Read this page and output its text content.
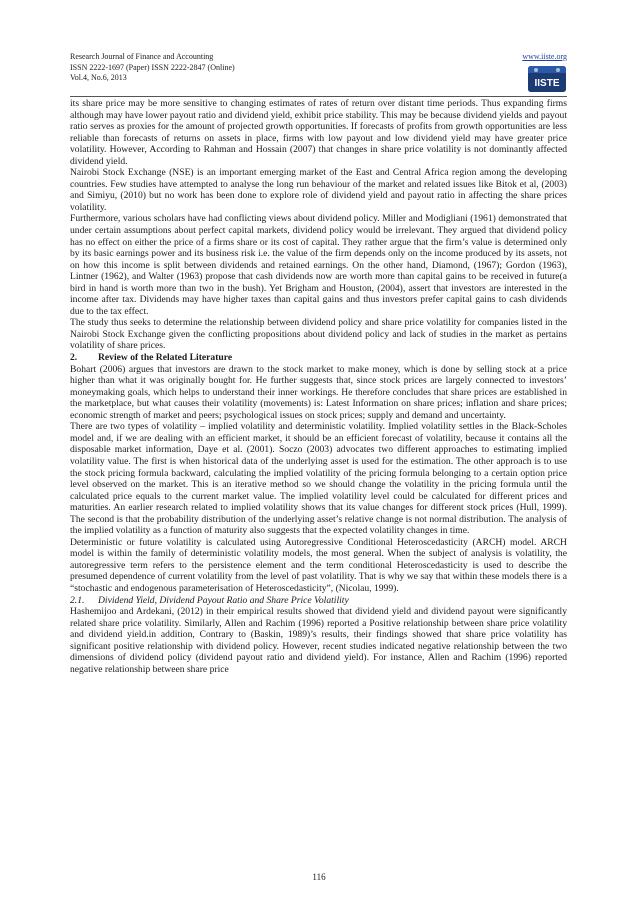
Research Journal of Finance and Accounting
ISSN 2222-1697 (Paper) ISSN 2222-2847 (Online)
Vol.4, No.6, 2013
www.iiste.org
IISTE

its share price may be more sensitive to changing estimates of rates of return over distant time periods. Thus expanding firms although may have lower payout ratio and dividend yield, exhibit price stability. This may be because dividend yields and payout ratio serves as proxies for the amount of projected growth opportunities. If forecasts of profits from growth opportunities are less reliable than forecasts of returns on assets in place, firms with low payout and low dividend yield may have greater price volatility. However, According to Rahman and Hossain (2007) that changes in share price volatility is not dominantly affected dividend yield.

Nairobi Stock Exchange (NSE) is an important emerging market of the East and Central Africa region among the developing countries. Few studies have attempted to analyse the long run behaviour of the market and related issues like Bitok et al, (2003) and Simiyu, (2010) but no work has been done to explore role of dividend yield and payout ratio in affecting the share prices volatility.

Furthermore, various scholars have had conflicting views about dividend policy. Miller and Modigliani (1961) demonstrated that under certain assumptions about perfect capital markets, dividend policy would be irrelevant. They argued that dividend policy has no effect on either the price of a firms share or its cost of capital. They rather argue that the firm’s value is determined only by its basic earnings power and its business risk i.e. the value of the firm depends only on the income produced by its assets, not on how this income is split between dividends and retained earnings. On the other hand, Diamond, (1967); Gordon (1963), Lintner (1962), and Walter (1963) propose that cash dividends now are worth more than capital gains to be received in future(a bird in hand is worth more than two in the bush). Yet Brigham and Houston, (2004), assert that investors are interested in the income after tax. Dividends may have higher taxes than capital gains and thus investors prefer capital gains to cash dividends due to the tax effect.

The study thus seeks to determine the relationship between dividend policy and share price volatility for companies listed in the Nairobi Stock Exchange given the conflicting propositions about dividend policy and lack of studies in the market as pertains volatility of share prices.

2. Review of the Related Literature

Bohart (2006) argues that investors are drawn to the stock market to make money, which is done by selling stock at a price higher than what it was originally bought for. He further suggests that, since stock prices are largely connected to investors’ moneymaking goals, which helps to understand their inner workings. He therefore concludes that share prices are established in the marketplace, but what causes their volatility (movements) is: Latest Information on share prices; inflation and share prices; economic strength of market and peers; psychological issues on stock prices; supply and demand and uncertainty.

There are two types of volatility – implied volatility and deterministic volatility. Implied volatility settles in the Black-Scholes model and, if we are dealing with an efficient market, it should be an efficient forecast of volatility, because it contains all the disposable market information, Daye et al. (2001). Soczo (2003) advocates two different approaches to estimating implied volatility value. The first is when historical data of the underlying asset is used for the estimation. The other approach is to use the stock pricing formula backward, calculating the implied volatility of the pricing formula belonging to a certain option price level observed on the market. This is an iterative method so we should change the volatility in the pricing formula until the calculated price equals to the current market value. The implied volatility level could be calculated for different prices and maturities. An earlier research related to implied volatility shows that its value changes for different stock prices (Hull, 1999). The second is that the probability distribution of the underlying asset’s relative change is not normal distribution. The analysis of the implied volatility as a function of maturity also suggests that the expected volatility changes in time.

Deterministic or future volatility is calculated using Autoregressive Conditional Heteroscedasticity (ARCH) model. ARCH model is within the family of deterministic volatility models, the most general. When the subject of analysis is volatility, the autoregressive term refers to the persistence element and the term conditional Heteroscedasticity is used to describe the presumed dependence of current volatility from the level of past volatility. That is why we say that within these models there is a “stochastic and endogenous parameterisation of Heteroscedasticity”, (Nicolau, 1999).

2.1. Dividend Yield, Dividend Payout Ratio and Share Price Volatility

Hashemijoo and Ardekani, (2012) in their empirical results showed that dividend yield and dividend payout were significantly related share price volatility. Similarly, Allen and Rachim (1996) reported a Positive relationship between share price volatility and dividend yield.in addition, Contrary to (Baskin, 1989)’s results, their findings showed that share price volatility has significant positive relationship with dividend policy. However, recent studies indicated negative relationship between the two dimensions of dividend policy (dividend payout ratio and dividend yield). For instance, Allen and Rachim (1996) reported negative relationship between share price

116
